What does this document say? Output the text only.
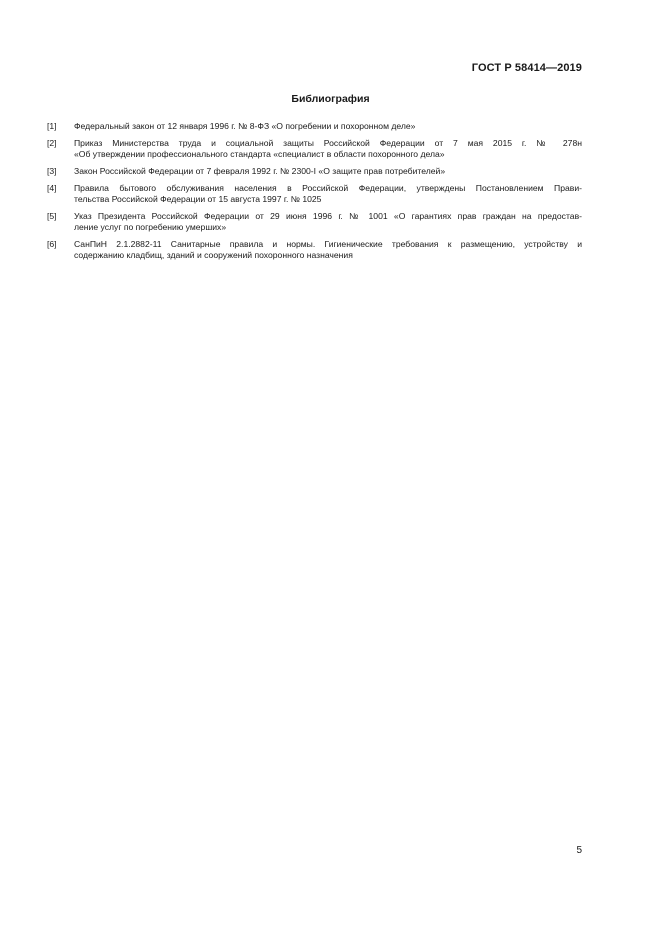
ГОСТ Р 58414—2019
Библиография
[1]	Федеральный закон от 12 января 1996 г. № 8-ФЗ «О погребении и похоронном деле»
[2]	Приказ Министерства труда и социальной защиты Российской Федерации от 7 мая 2015 г. № 278н
«Об утверждении профессионального стандарта «специалист в области похоронного дела»
[3]	Закон Российской Федерации от 7 февраля 1992 г. № 2300-I «О защите прав потребителей»
[4]	Правила бытового обслуживания населения в Российской Федерации, утверждены Постановлением Прави-
тельства Российской Федерации от 15 августа 1997 г. № 1025
[5]	Указ Президента Российской Федерации от 29 июня 1996 г. № 1001 «О гарантиях прав граждан на предостав-
ление услуг по погребению умерших»
[6]	СанПиН 2.1.2882-11 Санитарные правила и нормы. Гигиенические требования к размещению, устройству и
содержанию кладбищ, зданий и сооружений похоронного назначения
5
